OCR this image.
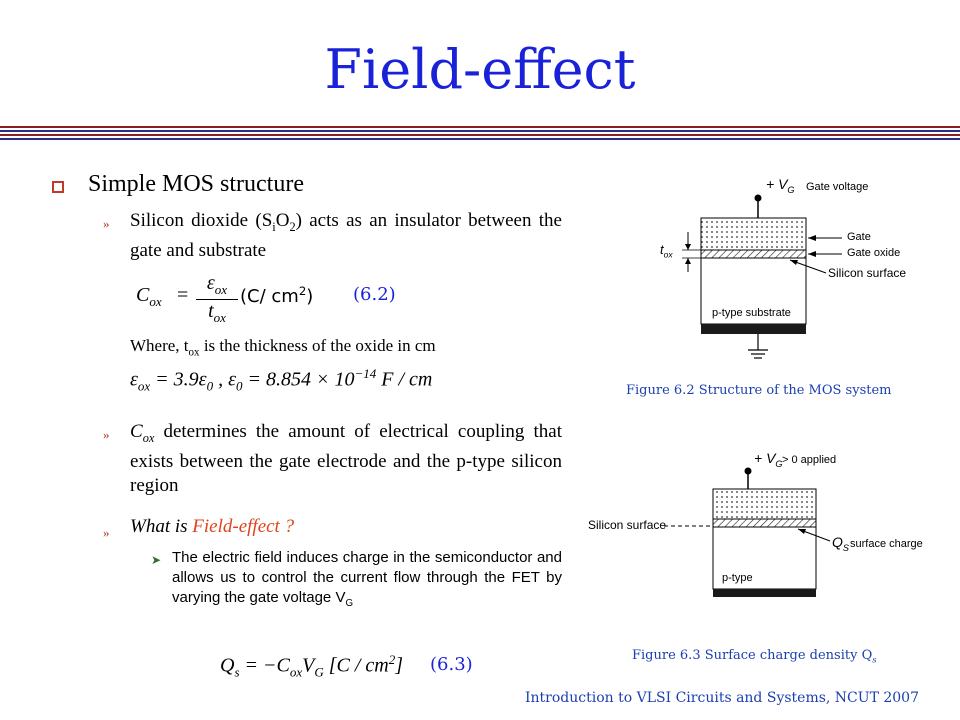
Field-effect
Simple MOS structure
» Silicon dioxide $(S_iO_2)$ acts as an insulator between the gate and substrate
$C_{ox}$ =
$\varepsilon_{ox}$
$t_{ox}$
(C/ $cm^2$) (6.2)
Where, $t_{ox}$ is the thickness of the oxide in cm
$\varepsilon_{ox} = 3.9\varepsilon_0$ , $\varepsilon_0 = 8.854 \times 10^{-14}$ F / cm
» $C_{ox}$ determines the amount of electrical coupling that exists between the gate electrode and the p-type silicon region
» What is Field-effect ?
➤ The electric field induces charge in the semiconductor and allows us to control the current flow through the FET by varying the gate voltage $V_G$
$Q_s = -C_{ox}V_G$ $[C / cm^2]$ (6.3)
+ $V_G$ Gate voltage
$t_{ox}$
Gate
Gate oxide
Silicon surface
p-type substrate
Figure 6.2 Structure of the MOS system
+ $V_G > 0$ applied
Silicon surface
$Q_S$ surface charge
p-type
Figure 6.3 Surface charge density $Q_s$
Introduction to VLSI Circuits and Systems, NCUT 2007
